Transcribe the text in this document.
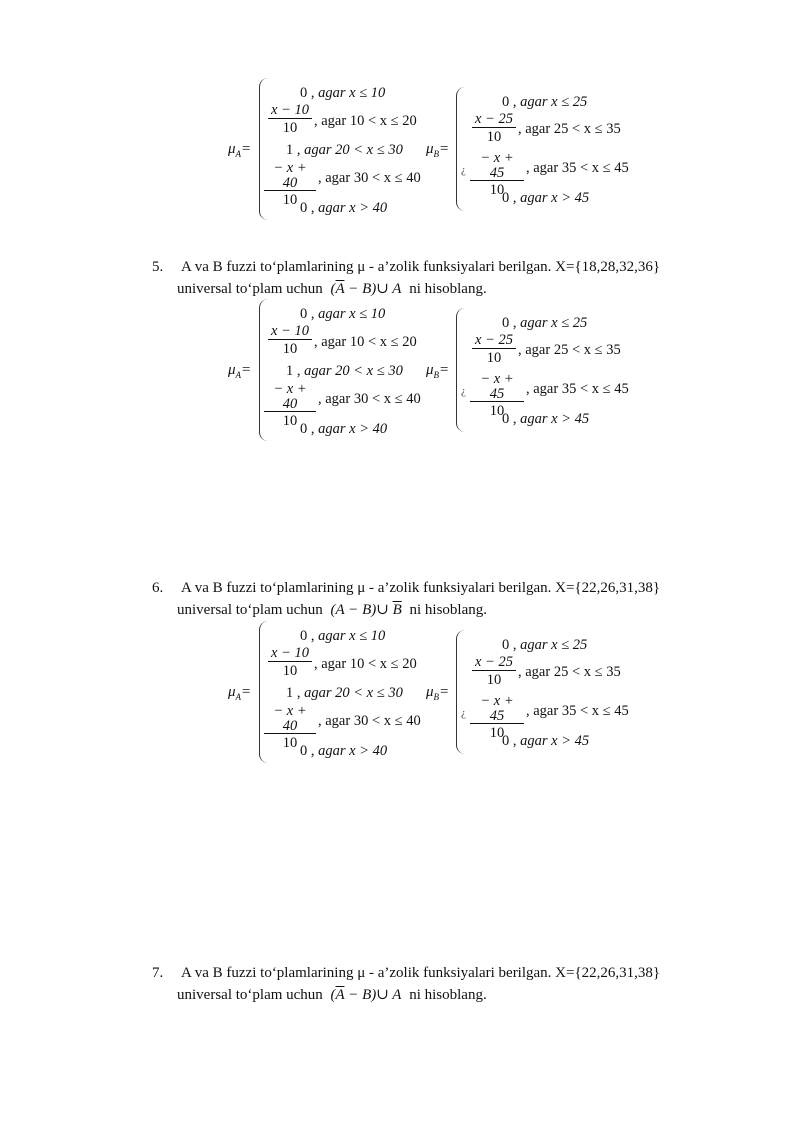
$\mu_A=$
0 , agar x ≤ 10
$\frac{x - 10}{10}$ , agar 10 < x ≤ 20
1 , agar 20 < x ≤ 30
$\frac{- x + 40}{10}$ , agar 30 < x ≤ 40
0 , agar x > 40
$\mu_B=$
0 , agar x ≤ 25
$\frac{x - 25}{10}$ , agar 25 < x ≤ 35
¿ $\frac{- x + 45}{10}$ , agar 35 < x ≤ 45
0 , agar x > 45
5. A va B fuzzi to‘plamlarining μ - a’zolik funksiyalari berilgan. X={18,28,32,36}
universal to‘plam uchun ($\overline{A}$ − B)∪ A ni hisoblang.
$\mu_A=$
0 , agar x ≤ 10
$\frac{x - 10}{10}$ , agar 10 < x ≤ 20
1 , agar 20 < x ≤ 30
$\frac{- x + 40}{10}$ , agar 30 < x ≤ 40
0 , agar x > 40
$\mu_B=$
0 , agar x ≤ 25
$\frac{x - 25}{10}$ , agar 25 < x ≤ 35
¿ $\frac{- x + 45}{10}$ , agar 35 < x ≤ 45
0 , agar x > 45
6. A va B fuzzi to‘plamlarining μ - a’zolik funksiyalari berilgan. X={22,26,31,38}
universal to‘plam uchun (A − B)∪ $\overline{B}$ ni hisoblang.
$\mu_A=$
0 , agar x ≤ 10
$\frac{x - 10}{10}$ , agar 10 < x ≤ 20
1 , agar 20 < x ≤ 30
$\frac{- x + 40}{10}$ , agar 30 < x ≤ 40
0 , agar x > 40
$\mu_B=$
0 , agar x ≤ 25
$\frac{x - 25}{10}$ , agar 25 < x ≤ 35
¿ $\frac{- x + 45}{10}$ , agar 35 < x ≤ 45
0 , agar x > 45
7. A va B fuzzi to‘plamlarining μ - a’zolik funksiyalari berilgan. X={22,26,31,38}
universal to‘plam uchun ($\overline{A}$ − B)∪ A ni hisoblang.
